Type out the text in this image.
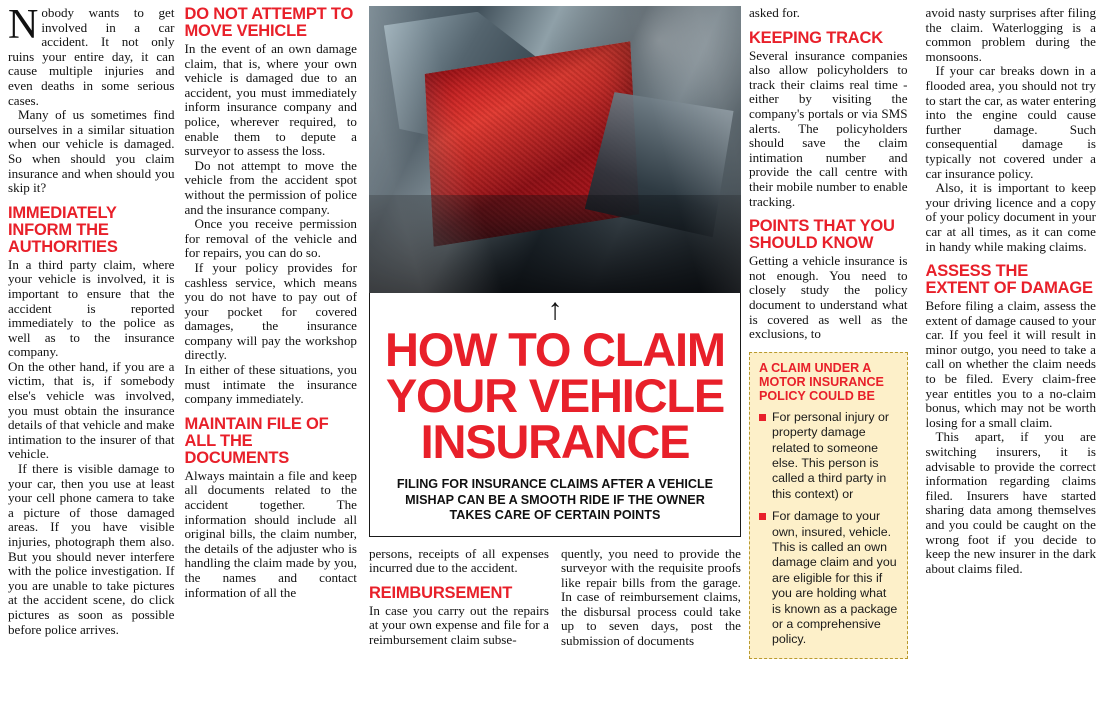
Nobody wants to get involved in a car accident. It not only ruins your entire day, it can cause multiple injuries and even deaths in some serious cases.

Many of us sometimes find ourselves in a similar situation when our vehicle is damaged. So when should you claim insurance and when should you skip it?

IMMEDIATELY INFORM THE AUTHORITIES

In a third party claim, where your vehicle is involved, it is important to ensure that the accident is reported immediately to the police as well as to the insurance company.

On the other hand, if you are a victim, that is, if somebody else's vehicle was involved, you must obtain the insurance details of that vehicle and make intimation to the insurer of that vehicle.

If there is visible damage to your car, then you use at least your cell phone camera to take a picture of those damaged areas. If you have visible injuries, photograph them also. But you should never interfere with the police investigation. If you are unable to take pictures at the accident scene, do click pictures as soon as possible before police arrives.

DO NOT ATTEMPT TO MOVE VEHICLE

In the event of an own damage claim, that is, where your own vehicle is damaged due to an accident, you must immediately inform insurance company and police, wherever required, to enable them to depute a surveyor to assess the loss.

Do not attempt to move the vehicle from the accident spot without the permission of police and the insurance company.

Once you receive permission for removal of the vehicle and for repairs, you can do so.

If your policy provides for cashless service, which means you do not have to pay out of your pocket for covered damages, the insurance company will pay the workshop directly.

In either of these situations, you must intimate the insurance company immediately.

MAINTAIN FILE OF ALL THE DOCUMENTS

Always maintain a file and keep all documents related to the accident together. The information should include all original bills, the claim number, the details of the adjuster who is handling the claim made by you, the names and contact information of all the

↑
HOW TO CLAIM YOUR VEHICLE INSURANCE
FILING FOR INSURANCE CLAIMS AFTER A VEHICLE MISHAP CAN BE A SMOOTH RIDE IF THE OWNER TAKES CARE OF CERTAIN POINTS

persons, receipts of all expenses incurred due to the accident.

REIMBURSEMENT

In case you carry out the repairs at your own expense and file for a reimbursement claim subse-

quently, you need to provide the surveyor with the requisite proofs like repair bills from the garage. In case of reimbursement claims, the disbursal process could take up to seven days, post the submission of documents

asked for.

KEEPING TRACK

Several insurance companies also allow policyholders to track their claims real time - either by visiting the company's portals or via SMS alerts. The policyholders should save the claim intimation number and provide the call centre with their mobile number to enable tracking.

POINTS THAT YOU SHOULD KNOW

Getting a vehicle insurance is not enough. You need to closely study the policy document to understand what is covered as well as the exclusions, to

A CLAIM UNDER A MOTOR INSURANCE POLICY COULD BE
For personal injury or property damage related to someone else. This person is called a third party in this context) or
For damage to your own, insured, vehicle. This is called an own damage claim and you are eligible for this if you are holding what is known as a package or a comprehensive policy.

avoid nasty surprises after filing the claim. Waterlogging is a common problem during the monsoons.

If your car breaks down in a flooded area, you should not try to start the car, as water entering into the engine could cause further damage. Such consequential damage is typically not covered under a car insurance policy.

Also, it is important to keep your driving licence and a copy of your policy document in your car at all times, as it can come in handy while making claims.

ASSESS THE EXTENT OF DAMAGE

Before filing a claim, assess the extent of damage caused to your car. If you feel it will result in minor outgo, you need to take a call on whether the claim needs to be filed. Every claim-free year entitles you to a no-claim bonus, which may not be worth losing for a small claim.

This apart, if you are switching insurers, it is advisable to provide the correct information regarding claims filed. Insurers have started sharing data among themselves and you could be caught on the wrong foot if you decide to keep the new insurer in the dark about claims filed.
